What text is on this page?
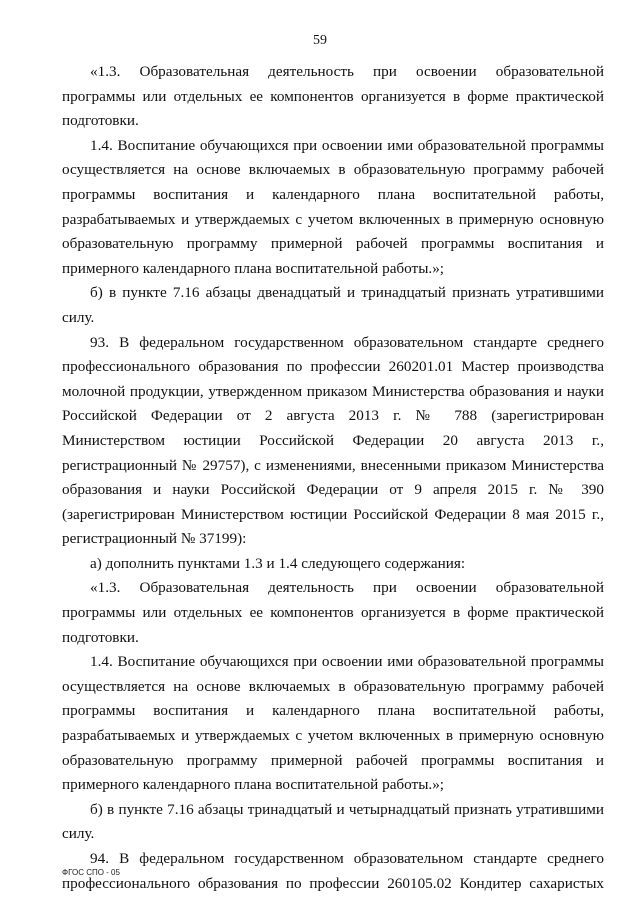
59

«1.3. Образовательная деятельность при освоении образовательной программы или отдельных ее компонентов организуется в форме практической подготовки.

1.4. Воспитание обучающихся при освоении ими образовательной программы осуществляется на основе включаемых в образовательную программу рабочей программы воспитания и календарного плана воспитательной работы, разрабатываемых и утверждаемых с учетом включенных в примерную основную образовательную программу примерной рабочей программы воспитания и примерного календарного плана воспитательной работы.»;

б) в пункте 7.16 абзацы двенадцатый и тринадцатый признать утратившими силу.

93. В федеральном государственном образовательном стандарте среднего профессионального образования по профессии 260201.01 Мастер производства молочной продукции, утвержденном приказом Министерства образования и науки Российской Федерации от 2 августа 2013 г. № 788 (зарегистрирован Министерством юстиции Российской Федерации 20 августа 2013 г., регистрационный № 29757), с изменениями, внесенными приказом Министерства образования и науки Российской Федерации от 9 апреля 2015 г. № 390 (зарегистрирован Министерством юстиции Российской Федерации 8 мая 2015 г., регистрационный № 37199):

а) дополнить пунктами 1.3 и 1.4 следующего содержания:

«1.3. Образовательная деятельность при освоении образовательной программы или отдельных ее компонентов организуется в форме практической подготовки.

1.4. Воспитание обучающихся при освоении ими образовательной программы осуществляется на основе включаемых в образовательную программу рабочей программы воспитания и календарного плана воспитательной работы, разрабатываемых и утверждаемых с учетом включенных в примерную основную образовательную программу примерной рабочей программы воспитания и примерного календарного плана воспитательной работы.»;

б) в пункте 7.16 абзацы тринадцатый и четырнадцатый признать утратившими силу.

94. В федеральном государственном образовательном стандарте среднего профессионального образования по профессии 260105.02 Кондитер сахаристых

ФГОС СПО - 05
